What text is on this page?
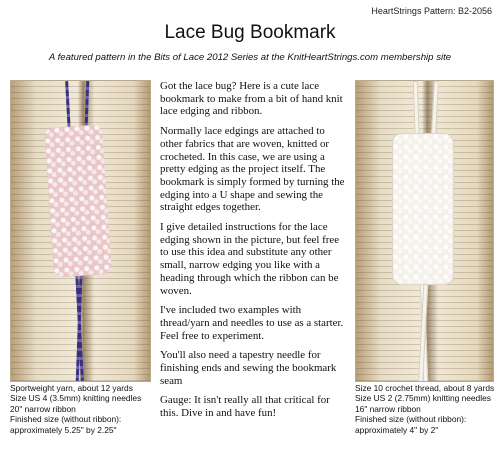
HeartStrings Pattern: B2-2056
Lace Bug Bookmark
A featured pattern in the Bits of Lace 2012 Series at the KnitHeartStrings.com membership site
Sportweight yarn, about 12 yards
Size US 4 (3.5mm) knitting needles
20" narrow ribbon
Finished size (without ribbon):
approximately 5.25" by 2.25"

Got the lace bug? Here is a cute lace bookmark to make from a bit of hand knit lace edging and ribbon.

Normally lace edgings are attached to other fabrics that are woven, knitted or crocheted. In this case, we are using a pretty edging as the project itself. The bookmark is simply formed by turning the edging into a U shape and sewing the straight edges together.

I give detailed instructions for the lace edging shown in the picture, but feel free to use this idea and substitute any other small, narrow edging you like with a heading through which the ribbon can be woven.

I've included two examples with thread/yarn and needles to use as a starter. Feel free to experiment.

You'll also need a tapestry needle for finishing ends and sewing the bookmark seam

Gauge: It isn't really all that critical for this. Dive in and have fun!

Size 10 crochet thread, about 8 yards
Size US 2 (2.75mm) knitting needles
16" narrow ribbon
Finished size (without ribbon):
approximately 4" by 2"
